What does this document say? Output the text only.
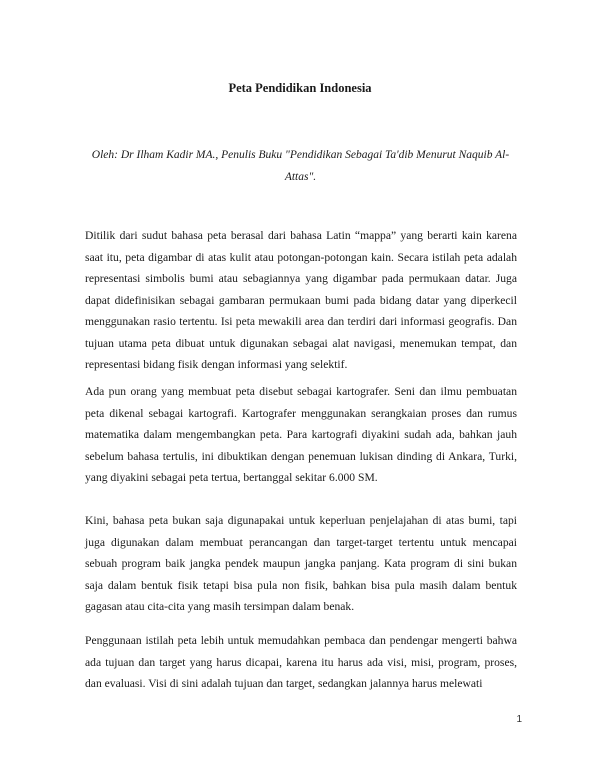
Peta Pendidikan Indonesia

Oleh: Dr Ilham Kadir MA., Penulis Buku "Pendidikan Sebagai Ta'dib Menurut Naquib Al-Attas".

Ditilik dari sudut bahasa peta berasal dari bahasa Latin “mappa” yang berarti kain karena saat itu, peta digambar di atas kulit atau potongan-potongan kain. Secara istilah peta adalah representasi simbolis bumi atau sebagiannya yang digambar pada permukaan datar. Juga dapat didefinisikan sebagai gambaran permukaan bumi pada bidang datar yang diperkecil menggunakan rasio tertentu. Isi peta mewakili area dan terdiri dari informasi geografis. Dan tujuan utama peta dibuat untuk digunakan sebagai alat navigasi, menemukan tempat, dan representasi bidang fisik dengan informasi yang selektif.

Ada pun orang yang membuat peta disebut sebagai kartografer. Seni dan ilmu pembuatan peta dikenal sebagai kartografi. Kartografer menggunakan serangkaian proses dan rumus matematika dalam mengembangkan peta. Para kartografi diyakini sudah ada, bahkan jauh sebelum bahasa tertulis, ini dibuktikan dengan penemuan lukisan dinding di Ankara, Turki, yang diyakini sebagai peta tertua, bertanggal sekitar 6.000 SM.

Kini, bahasa peta bukan saja digunapakai untuk keperluan penjelajahan di atas bumi, tapi juga digunakan dalam membuat perancangan dan target-target tertentu untuk mencapai sebuah program baik jangka pendek maupun jangka panjang. Kata program di sini bukan saja dalam bentuk fisik tetapi bisa pula non fisik, bahkan bisa pula masih dalam bentuk gagasan atau cita-cita yang masih tersimpan dalam benak.

Penggunaan istilah peta lebih untuk memudahkan pembaca dan pendengar mengerti bahwa ada tujuan dan target yang harus dicapai, karena itu harus ada visi, misi, program, proses, dan evaluasi. Visi di sini adalah tujuan dan target, sedangkan jalannya harus melewati

1
